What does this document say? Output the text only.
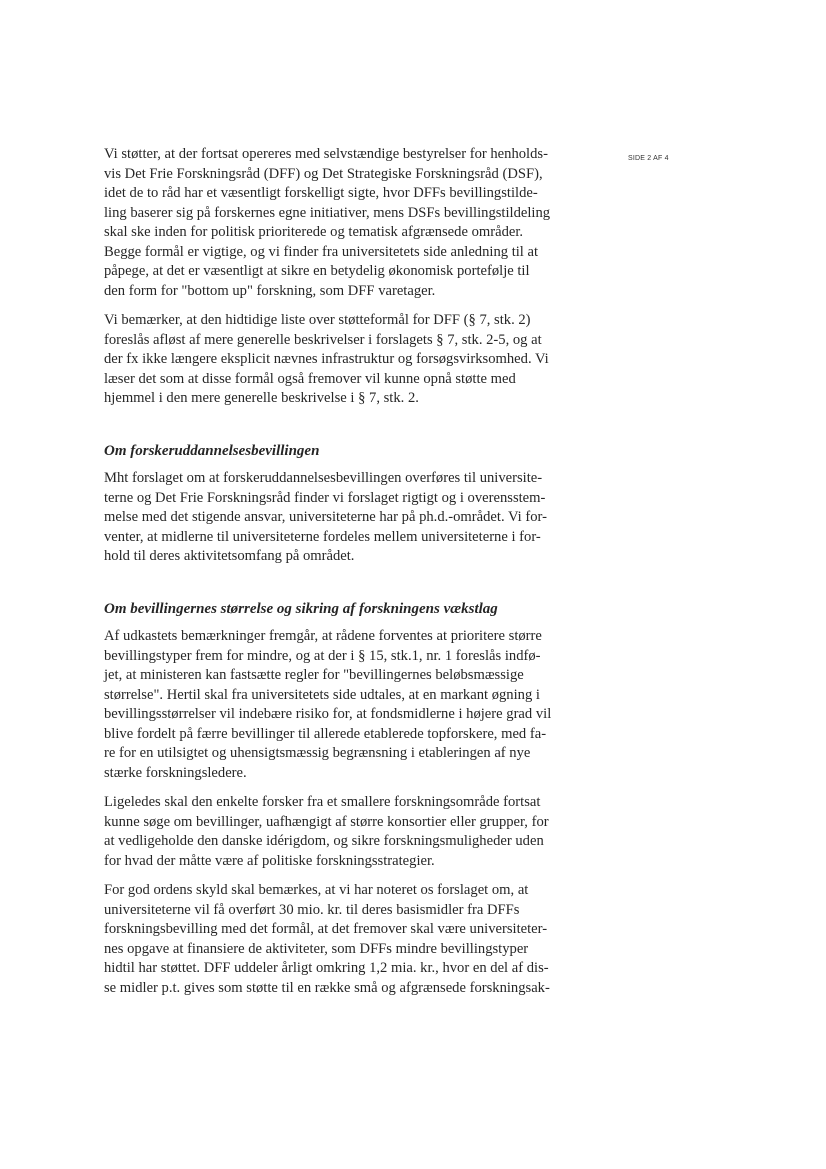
SIDE 2 AF 4

Vi støtter, at der fortsat opereres med selvstændige bestyrelser for henholds-
vis Det Frie Forskningsråd (DFF) og Det Strategiske Forskningsråd (DSF),
idet de to råd har et væsentligt forskelligt sigte, hvor DFFs bevillingstilde-
ling baserer sig på forskernes egne initiativer, mens DSFs bevillingstildeling
skal ske inden for politisk prioriterede og tematisk afgrænsede områder.
Begge formål er vigtige, og vi finder fra universitetets side anledning til at
påpege, at det er væsentligt at sikre en betydelig økonomisk portefølje til
den form for "bottom up" forskning, som DFF varetager.

Vi bemærker, at den hidtidige liste over støtteformål for DFF (§ 7, stk. 2)
foreslås afløst af mere generelle beskrivelser i forslagets § 7, stk. 2-5, og at
der fx ikke længere eksplicit nævnes infrastruktur og forsøgsvirksomhed. Vi
læser det som at disse formål også fremover vil kunne opnå støtte med
hjemmel i den mere generelle beskrivelse i § 7, stk. 2.

Om forskeruddannelsesbevillingen

Mht forslaget om at forskeruddannelsesbevillingen overføres til universite-
terne og Det Frie Forskningsråd finder vi forslaget rigtigt og i overensstem-
melse med det stigende ansvar, universiteterne har på ph.d.-området. Vi for-
venter, at midlerne til universiteterne fordeles mellem universiteterne i for-
hold til deres aktivitetsomfang på området.

Om bevillingernes størrelse og sikring af forskningens vækstlag

Af udkastets bemærkninger fremgår, at rådene forventes at prioritere større
bevillingstyper frem for mindre, og at der i § 15, stk.1, nr. 1 foreslås indfø-
jet, at ministeren kan fastsætte regler for "bevillingernes beløbsmæssige
størrelse". Hertil skal fra universitetets side udtales, at en markant øgning i
bevillingsstørrelser vil indebære risiko for, at fondsmidlerne i højere grad vil
blive fordelt på færre bevillinger til allerede etablerede topforskere, med fa-
re for en utilsigtet og uhensigtsmæssig begrænsning i etableringen af nye
stærke forskningsledere.

Ligeledes skal den enkelte forsker fra et smallere forskningsområde fortsat
kunne søge om bevillinger, uafhængigt af større konsortier eller grupper, for
at vedligeholde den danske idérigdom, og sikre forskningsmuligheder uden
for hvad der måtte være af politiske forskningsstrategier.

For god ordens skyld skal bemærkes, at vi har noteret os forslaget om, at
universiteterne vil få overført 30 mio. kr. til deres basismidler fra DFFs
forskningsbevilling med det formål, at det fremover skal være universiteter-
nes opgave at finansiere de aktiviteter, som DFFs mindre bevillingstyper
hidtil har støttet. DFF uddeler årligt omkring 1,2 mia. kr., hvor en del af dis-
se midler p.t. gives som støtte til en række små og afgrænsede forskningsak-
